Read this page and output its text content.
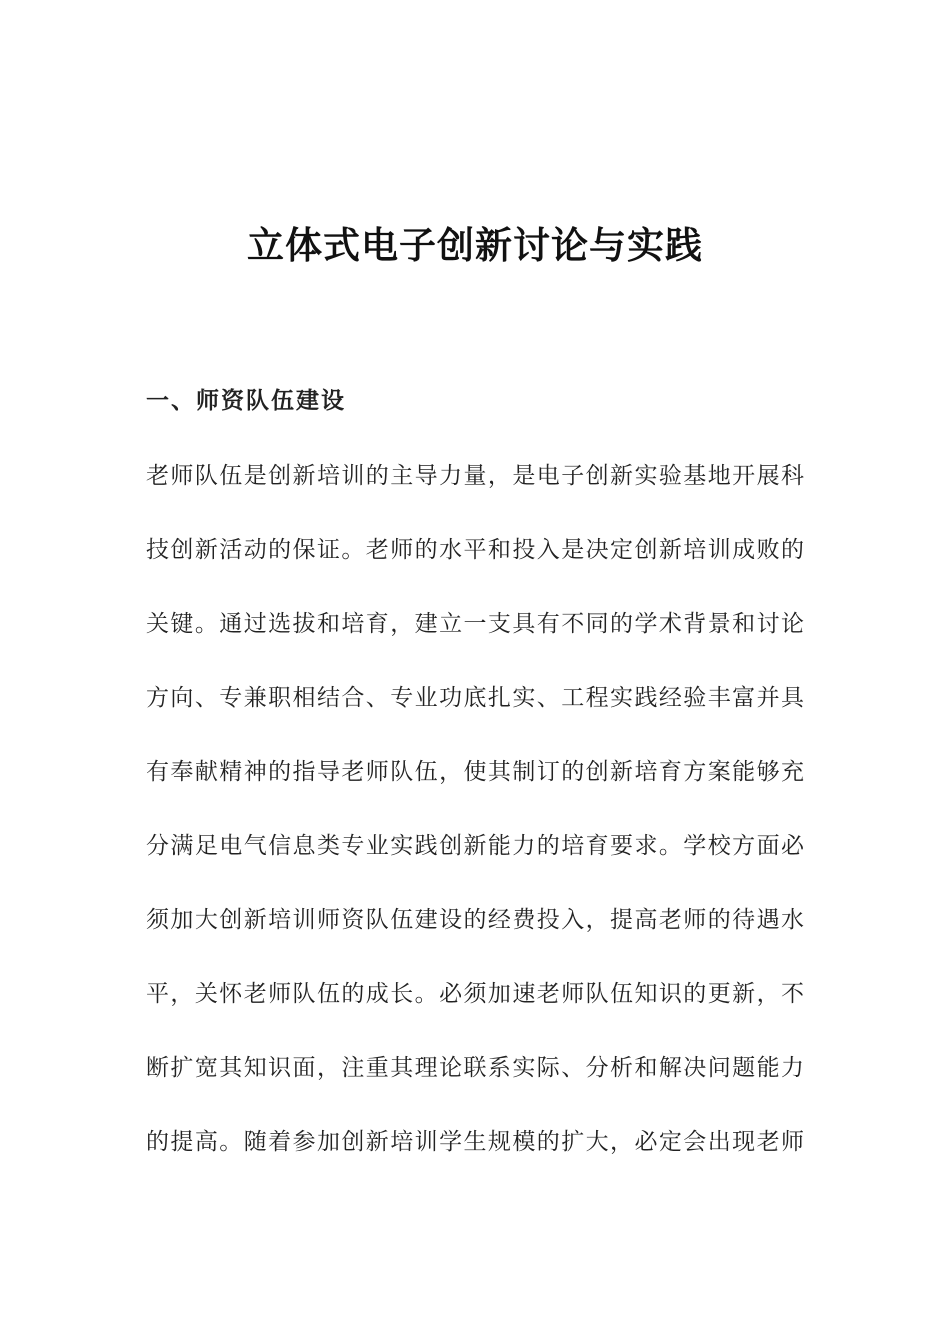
立体式电子创新讨论与实践
一、师资队伍建设
老师队伍是创新培训的主导力量，是电子创新实验基地开展科
技创新活动的保证。老师的水平和投入是决定创新培训成败的
关键。通过选拔和培育，建立一支具有不同的学术背景和讨论
方向、专兼职相结合、专业功底扎实、工程实践经验丰富并具
有奉献精神的指导老师队伍，使其制订的创新培育方案能够充
分满足电气信息类专业实践创新能力的培育要求。学校方面必
须加大创新培训师资队伍建设的经费投入，提高老师的待遇水
平，关怀老师队伍的成长。必须加速老师队伍知识的更新，不
断扩宽其知识面，注重其理论联系实际、分析和解决问题能力
的提高。随着参加创新培训学生规模的扩大，必定会出现老师
